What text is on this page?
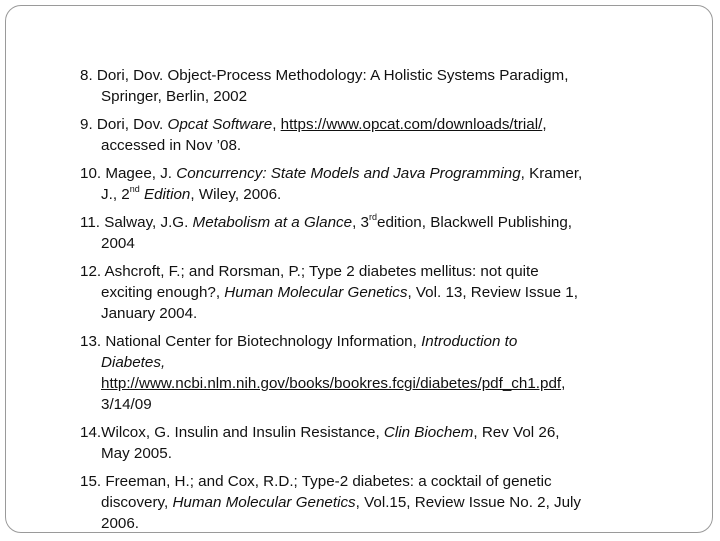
8. Dori, Dov. Object-Process Methodology: A Holistic Systems Paradigm,
Springer, Berlin, 2002
9. Dori, Dov. Opcat Software, https://www.opcat.com/downloads/trial/,
accessed in Nov ’08.
10. Magee, J. Concurrency: State Models and Java Programming, Kramer,
J., 2nd Edition, Wiley, 2006.
11. Salway, J.G. Metabolism at a Glance, 3rdedition, Blackwell Publishing,
2004
12. Ashcroft, F.; and Rorsman, P.; Type 2 diabetes mellitus: not quite
exciting enough?, Human Molecular Genetics, Vol. 13, Review Issue 1,
January 2004.
13. National Center for Biotechnology Information, Introduction to
Diabetes,
http://www.ncbi.nlm.nih.gov/books/bookres.fcgi/diabetes/pdf_ch1.pdf,
3/14/09
14.Wilcox, G. Insulin and Insulin Resistance, Clin Biochem, Rev Vol 26,
May 2005.
15. Freeman, H.; and Cox, R.D.; Type-2 diabetes: a cocktail of genetic
discovery, Human Molecular Genetics, Vol.15, Review Issue No. 2, July
2006.
